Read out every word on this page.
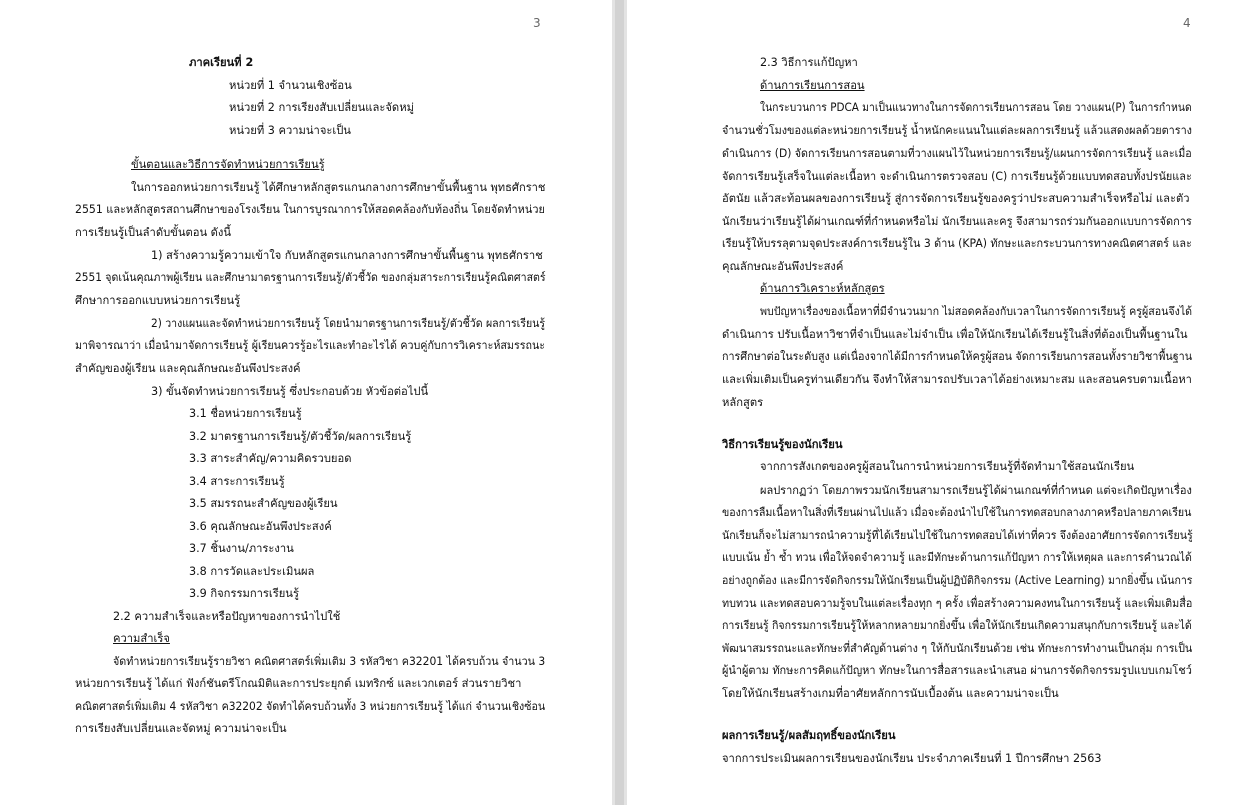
3
ภาคเรียนที่ 2
หน่วยที่ 1 จำนวนเชิงซ้อน
หน่วยที่ 2 การเรียงสับเปลี่ยนและจัดหมู่
หน่วยที่ 3 ความน่าจะเป็น
ขั้นตอนและวิธีการจัดทำหน่วยการเรียนรู้
ในการออกหน่วยการเรียนรู้ ได้ศึกษาหลักสูตรแกนกลางการศึกษาขั้นพื้นฐาน พุทธศักราช
2551 และหลักสูตรสถานศึกษาของโรงเรียน ในการบูรณาการให้สอดคล้องกับท้องถิ่น โดยจัดทำหน่วย
การเรียนรู้เป็นลำดับขั้นตอน ดังนี้
1) สร้างความรู้ความเข้าใจ กับหลักสูตรแกนกลางการศึกษาขั้นพื้นฐาน พุทธศักราช
2551 จุดเน้นคุณภาพผู้เรียน และศึกษามาตรฐานการเรียนรู้/ตัวชี้วัด ของกลุ่มสาระการเรียนรู้คณิตศาสตร์
ศึกษาการออกแบบหน่วยการเรียนรู้
2) วางแผนและจัดทำหน่วยการเรียนรู้ โดยนำมาตรฐานการเรียนรู้/ตัวชี้วัด ผลการเรียนรู้
มาพิจารณาว่า เมื่อนำมาจัดการเรียนรู้ ผู้เรียนควรรู้อะไรและทำอะไรได้ ควบคู่กับการวิเคราะห์สมรรถนะ
สำคัญของผู้เรียน และคุณลักษณะอันพึงประสงค์
3) ขั้นจัดทำหน่วยการเรียนรู้ ซึ่งประกอบด้วย หัวข้อต่อไปนี้
3.1 ชื่อหน่วยการเรียนรู้
3.2 มาตรฐานการเรียนรู้/ตัวชี้วัด/ผลการเรียนรู้
3.3 สาระสำคัญ/ความคิดรวบยอด
3.4 สาระการเรียนรู้
3.5 สมรรถนะสำคัญของผู้เรียน
3.6 คุณลักษณะอันพึงประสงค์
3.7 ชิ้นงาน/ภาระงาน
3.8 การวัดและประเมินผล
3.9 กิจกรรมการเรียนรู้
2.2 ความสำเร็จและหรือปัญหาของการนำไปใช้
ความสำเร็จ
จัดทำหน่วยการเรียนรู้รายวิชา คณิตศาสตร์เพิ่มเติม 3 รหัสวิชา ค32201 ได้ครบถ้วน จำนวน 3
หน่วยการเรียนรู้ ได้แก่ ฟังก์ชันตรีโกณมิติและการประยุกต์ เมทริกซ์ และเวกเตอร์ ส่วนรายวิชา
คณิตศาสตร์เพิ่มเติม 4 รหัสวิชา ค32202 จัดทำได้ครบถ้วนทั้ง 3 หน่วยการเรียนรู้ ได้แก่ จำนวนเชิงซ้อน
การเรียงสับเปลี่ยนและจัดหมู่ ความน่าจะเป็น
4
2.3 วิธีการแก้ปัญหา
ด้านการเรียนการสอน
ในกระบวนการ PDCA มาเป็นแนวทางในการจัดการเรียนการสอน โดย วางแผน(P) ในการกำหนด
จำนวนชั่วโมงของแต่ละหน่วยการเรียนรู้ น้ำหนักคะแนนในแต่ละผลการเรียนรู้ แล้วแสดงผลด้วยตาราง
ดำเนินการ (D) จัดการเรียนการสอนตามที่วางแผนไว้ในหน่วยการเรียนรู้/แผนการจัดการเรียนรู้ และเมื่อ
จัดการเรียนรู้เสร็จในแต่ละเนื้อหา จะดำเนินการตรวจสอบ (C) การเรียนรู้ด้วยแบบทดสอบทั้งปรนัยและ
อัตนัย แล้วสะท้อนผลของการเรียนรู้ สู่การจัดการเรียนรู้ของครูว่าประสบความสำเร็จหรือไม่ และตัว
นักเรียนว่าเรียนรู้ได้ผ่านเกณฑ์ที่กำหนดหรือไม่ นักเรียนและครู จึงสามารถร่วมกันออกแบบการจัดการ
เรียนรู้ให้บรรลุตามจุดประสงค์การเรียนรู้ใน 3 ด้าน (KPA) ทักษะและกระบวนการทางคณิตศาสตร์ และ
คุณลักษณะอันพึงประสงค์
ด้านการวิเคราะห์หลักสูตร
พบปัญหาเรื่องของเนื้อหาที่มีจำนวนมาก ไม่สอดคล้องกับเวลาในการจัดการเรียนรู้ ครูผู้สอนจึงได้
ดำเนินการ ปรับเนื้อหาวิชาที่จำเป็นและไม่จำเป็น เพื่อให้นักเรียนได้เรียนรู้ในสิ่งที่ต้องเป็นพื้นฐานใน
การศึกษาต่อในระดับสูง แต่เนื่องจากได้มีการกำหนดให้ครูผู้สอน จัดการเรียนการสอนทั้งรายวิชาพื้นฐาน
และเพิ่มเติมเป็นครูท่านเดียวกัน จึงทำให้สามารถปรับเวลาได้อย่างเหมาะสม และสอนครบตามเนื้อหา
หลักสูตร
วิธีการเรียนรู้ของนักเรียน
จากการสังเกตของครูผู้สอนในการนำหน่วยการเรียนรู้ที่จัดทำมาใช้สอนนักเรียน
ผลปรากฏว่า โดยภาพรวมนักเรียนสามารถเรียนรู้ได้ผ่านเกณฑ์ที่กำหนด แต่จะเกิดปัญหาเรื่อง
ของการลืมเนื้อหาในสิ่งที่เรียนผ่านไปแล้ว เมื่อจะต้องนำไปใช้ในการทดสอบกลางภาคหรือปลายภาคเรียน
นักเรียนก็จะไม่สามารถนำความรู้ที่ได้เรียนไปใช้ในการทดสอบได้เท่าที่ควร จึงต้องอาศัยการจัดการเรียนรู้
แบบเน้น ย้ำ ซ้ำ ทวน เพื่อให้จดจำความรู้ และมีทักษะด้านการแก้ปัญหา การให้เหตุผล และการคำนวณได้
อย่างถูกต้อง และมีการจัดกิจกรรมให้นักเรียนเป็นผู้ปฏิบัติกิจกรรม (Active Learning) มากยิ่งขึ้น เน้นการ
ทบทวน และทดสอบความรู้จบในแต่ละเรื่องทุก ๆ ครั้ง เพื่อสร้างความคงทนในการเรียนรู้ และเพิ่มเติมสื่อ
การเรียนรู้ กิจกรรมการเรียนรู้ให้หลากหลายมากยิ่งขึ้น เพื่อให้นักเรียนเกิดความสนุกกับการเรียนรู้ และได้
พัฒนาสมรรถนะและทักษะที่สำคัญด้านต่าง ๆ ให้กับนักเรียนด้วย เช่น ทักษะการทำงานเป็นกลุ่ม การเป็น
ผู้นำผู้ตาม ทักษะการคิดแก้ปัญหา ทักษะในการสื่อสารและนำเสนอ ผ่านการจัดกิจกรรมรูปแบบเกมโชว์
โดยให้นักเรียนสร้างเกมที่อาศัยหลักการนับเบื้องต้น และความน่าจะเป็น
ผลการเรียนรู้/ผลสัมฤทธิ์ของนักเรียน
จากการประเมินผลการเรียนของนักเรียน ประจำภาคเรียนที่ 1 ปีการศึกษา 2563
